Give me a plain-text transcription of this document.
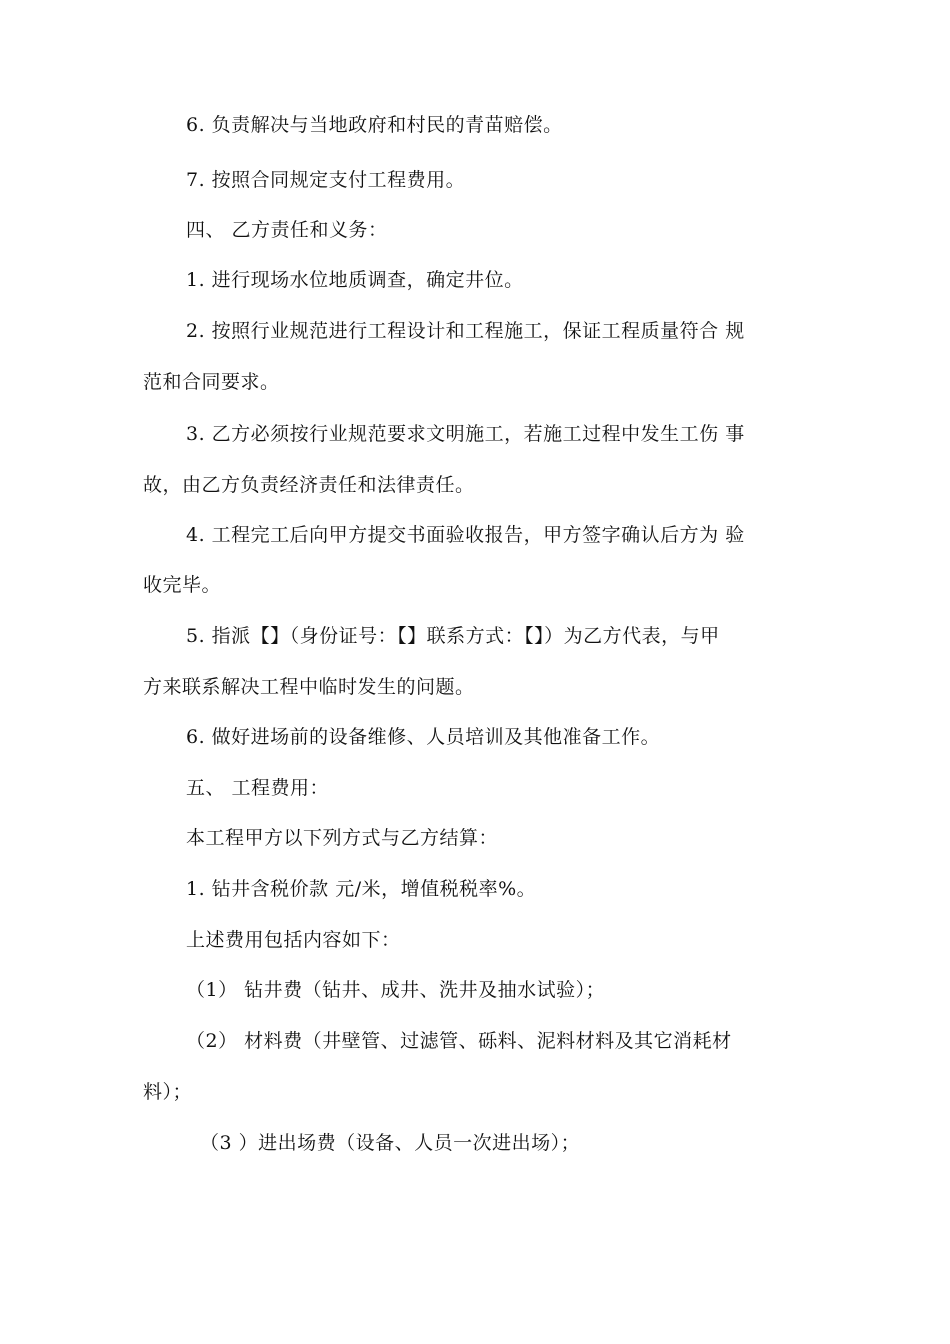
6. 负责解决与当地政府和村民的青苗赔偿。
7. 按照合同规定支付工程费用。
四、 乙方责任和义务：
1. 进行现场水位地质调查，确定井位。
2. 按照行业规范进行工程设计和工程施工，保证工程质量符合 规
范和合同要求。
3. 乙方必须按行业规范要求文明施工，若施工过程中发生工伤 事
故，由乙方负责经济责任和法律责任。
4. 工程完工后向甲方提交书面验收报告，甲方签字确认后方为 验
收完毕。
5. 指派【】（身份证号：【】联系方式：【】）为乙方代表，与甲
方来联系解决工程中临时发生的问题。
6. 做好进场前的设备维修、人员培训及其他准备工作。
五、 工程费用：
本工程甲方以下列方式与乙方结算：
1. 钻井含税价款 元/米，增值税税率%。
上述费用包括内容如下：
（1） 钻井费（钻井、成井、洗井及抽水试验）；
（2） 材料费（井壁管、过滤管、砾料、泥料材料及其它消耗材
料）；
（3 ）进出场费（设备、人员一次进出场）；
